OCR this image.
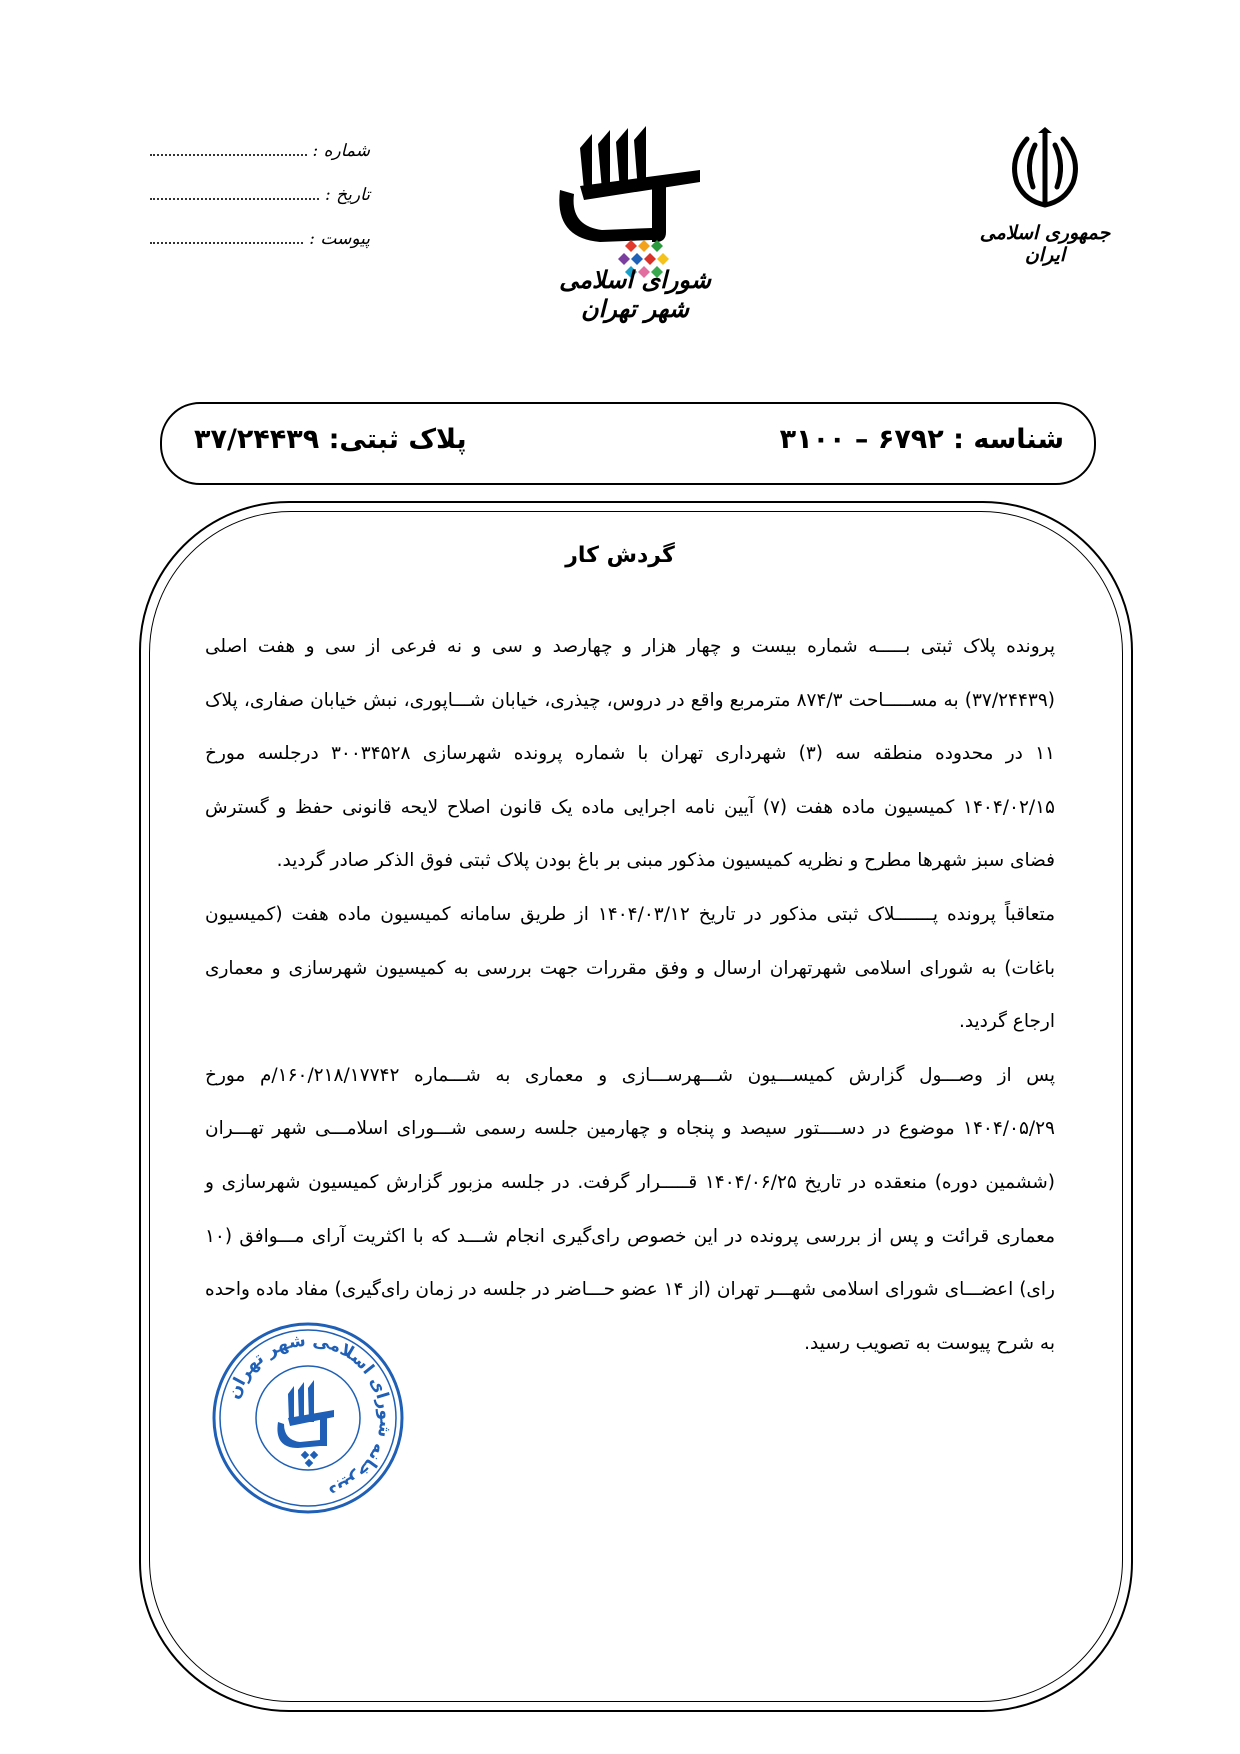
شماره :
تاریخ :
پیوست :
شورای اسلامی شهر تهران
جمهوری اسلامی ایران
شناسه : ۶۷۹۲ – ۳۱۰۰
پلاک ثبتی: ۳۷/۲۴۴۳۹
گردش کار

پرونده پلاک ثبتی بـــــه شماره بیست و چهار هزار و چهارصد و سی و نه فرعی از سی و هفت اصلی (۳۷/۲۴۴۳۹) به مســـــاحت ۸۷۴/۳ مترمربع واقع در دروس، چیذری، خیابان شـــاپوری، نبش خیابان صفاری، پلاک ۱۱ در محدوده منطقه سه (۳) شهرداری تهران با شماره پرونده شهرسازی ۳۰۰۳۴۵۲۸ درجلسه مورخ ۱۴۰۴/۰۲/۱۵ کمیسیون ماده هفت (۷) آیین نامه اجرایی ماده یک قانون اصلاح لایحه قانونی حفظ و گسترش فضای سبز شهرها مطرح و نظریه کمیسیون مذکور مبنی بر باغ بودن پلاک ثبتی فوق الذکر صادر گردید.

متعاقباً پرونده پـــــــلاک ثبتی مذکور در تاریخ ۱۴۰۴/۰۳/۱۲ از طریق سامانه کمیسیون ماده هفت (کمیسیون باغات) به شورای اسلامی شهرتهران ارسال و وفق مقررات جهت بررسی به کمیسیون شهرسازی و معماری ارجاع گردید.

پس از وصـــول گزارش کمیســـیون شـــهرســـازی و معماری به شـــماره ۱۶۰/۲۱۸/۱۷۷۴۲/م مورخ ۱۴۰۴/۰۵/۲۹ موضوع در دســــتور سیصد و پنجاه و چهارمین جلسه رسمی شـــورای اسلامـــی شهر تهـــران (ششمین دوره) منعقده در تاریخ ۱۴۰۴/۰۶/۲۵ قـــــرار گرفت. در جلسه مزبور گزارش کمیسیون شهرسازی و معماری قرائت و پس از بررسی پرونده در این خصوص رای‌گیری انجام شـــد که با اکثریت آرای مـــوافق (۱۰ رای) اعضـــای شورای اسلامی شهـــر تهران (از ۱۴ عضو حـــاضر در جلسه در زمان رای‌گیری) مفاد ماده واحده به شرح پیوست به تصویب رسید.

دبیرخانه شورای اسلامی شهر تهران
